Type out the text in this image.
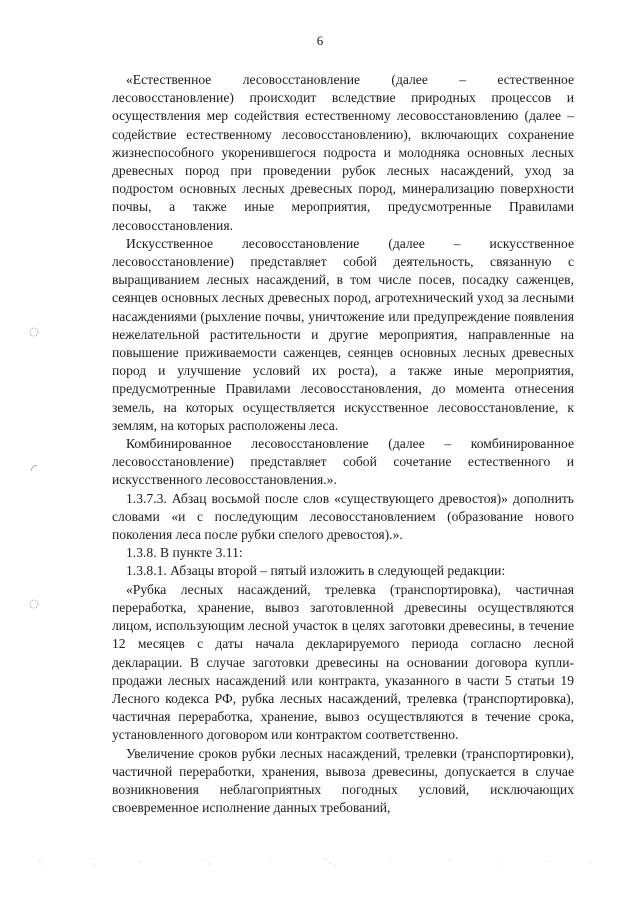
6

«Естественное лесовосстановление (далее – естественное лесовосстановление) происходит вследствие природных процессов и осуществления мер содействия естественному лесовосстановлению (далее – содействие естественному лесовосстановлению), включающих сохранение жизнеспособного укоренившегося подроста и молодняка основных лесных древесных пород при проведении рубок лесных насаждений, уход за подростом основных лесных древесных пород, минерализацию поверхности почвы, а также иные мероприятия, предусмотренные Правилами лесовосстановления.

Искусственное лесовосстановление (далее – искусственное лесовосстановление) представляет собой деятельность, связанную с выращиванием лесных насаждений, в том числе посев, посадку саженцев, сеянцев основных лесных древесных пород, агротехнический уход за лесными насаждениями (рыхление почвы, уничтожение или предупреждение появления нежелательной растительности и другие мероприятия, направленные на повышение приживаемости саженцев, сеянцев основных лесных древесных пород и улучшение условий их роста), а также иные мероприятия, предусмотренные Правилами лесовосстановления, до момента отнесения земель, на которых осуществляется искусственное лесовосстановление, к землям, на которых расположены леса.

Комбинированное лесовосстановление (далее – комбинированное лесовосстановление) представляет собой сочетание естественного и искусственного лесовосстановления.».

1.3.7.3. Абзац восьмой после слов «существующего древостоя)» дополнить словами «и с последующим лесовосстановлением (образование нового поколения леса после рубки спелого древостоя).».

1.3.8. В пункте 3.11:

1.3.8.1. Абзацы второй – пятый изложить в следующей редакции:

«Рубка лесных насаждений, трелевка (транспортировка), частичная переработка, хранение, вывоз заготовленной древесины осуществляются лицом, использующим лесной участок в целях заготовки древесины, в течение 12 месяцев с даты начала декларируемого периода согласно лесной декларации. В случае заготовки древесины на основании договора купли-продажи лесных насаждений или контракта, указанного в части 5 статьи 19 Лесного кодекса РФ, рубка лесных насаждений, трелевка (транспортировка), частичная переработка, хранение, вывоз осуществляются в течение срока, установленного договором или контрактом соответственно.

Увеличение сроков рубки лесных насаждений, трелевки (транспортировки), частичной переработки, хранения, вывоза древесины, допускается в случае возникновения неблагоприятных погодных условий, исключающих своевременное исполнение данных требований,
